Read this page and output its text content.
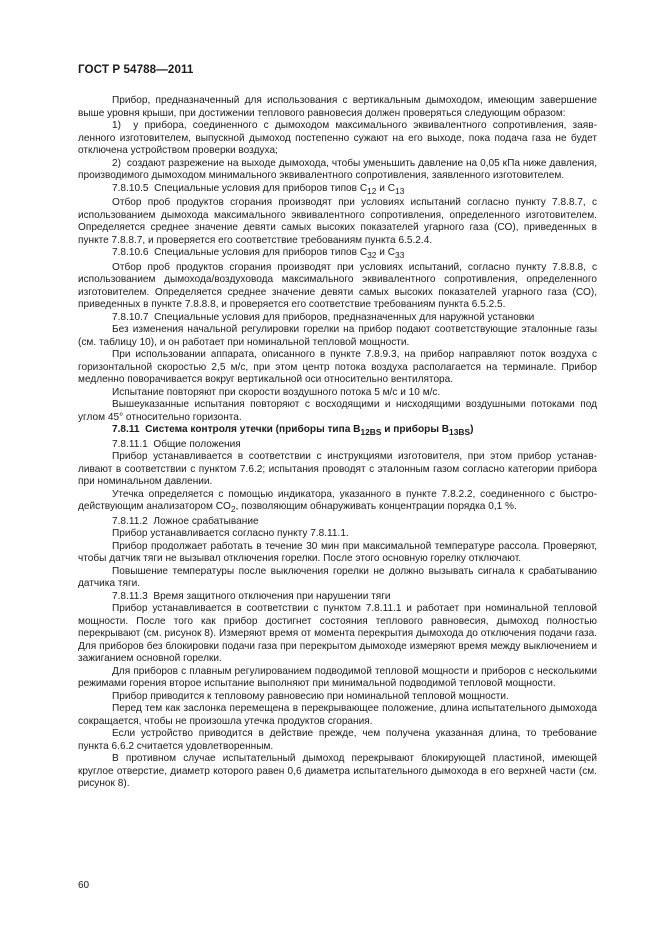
ГОСТ Р 54788—2011

Прибор, предназначенный для использования с вертикальным дымоходом, имеющим завершение выше уровня крыши, при достижении теплового равновесия должен проверяться следующим образом:

1)  у прибора, соединенного с дымоходом максимального эквивалентного сопротивления, заявленного изготовителем, выпускной дымоход постепенно сужают на его выходе, пока подача газа не будет отключена устройством проверки воздуха;

2)  создают разрежение на выходе дымохода, чтобы уменьшить давление на 0,05 кПа ниже давления, производимого дымоходом минимального эквивалентного сопротивления, заявленного изготовителем.

7.8.10.5  Специальные условия для приборов типов $C_{12}$ и $C_{13}$

Отбор проб продуктов сгорания производят при условиях испытаний согласно пункту 7.8.8.7, с использованием дымохода максимального эквивалентного сопротивления, определенного изготовителем. Определяется среднее значение девяти самых высоких показателей угарного газа (СО), приведенных в пункте 7.8.8.7, и проверяется его соответствие требованиям пункта 6.5.2.4.

7.8.10.6  Специальные условия для приборов типов $C_{32}$ и $C_{33}$

Отбор проб продуктов сгорания производят при условиях испытаний, согласно пункту 7.8.8.8, с использованием дымохода/воздуховода максимального эквивалентного сопротивления, определенного изготовителем. Определяется среднее значение девяти самых высоких показателей угарного газа (СО), приведенных в пункте 7.8.8.8, и проверяется его соответствие требованиям пункта 6.5.2.5.

7.8.10.7  Специальные условия для приборов, предназначенных для наружной установки

Без изменения начальной регулировки горелки на прибор подают соответствующие эталонные газы (см. таблицу 10), и он работает при номинальной тепловой мощности.

При использовании аппарата, описанного в пункте 7.8.9.3, на прибор направляют поток воздуха с горизонтальной скоростью 2,5 м/с, при этом центр потока воздуха располагается на терминале. Прибор медленно поворачивается вокруг вертикальной оси относительно вентилятора.

Испытание повторяют при скорости воздушного потока 5 м/с и 10 м/с.

Вышеуказанные испытания повторяют с восходящими и нисходящими воздушными потоками под углом 45° относительно горизонта.

7.8.11  Система контроля утечки (приборы типа $B_{12BS}$ и приборы $B_{13BS}$)

7.8.11.1  Общие положения

Прибор устанавливается в соответствии с инструкциями изготовителя, при этом прибор устанавливают в соответствии с пунктом 7.6.2; испытания проводят с эталонным газом согласно категории прибора при номинальном давлении.

Утечка определяется с помощью индикатора, указанного в пункте 7.8.2.2, соединенного с быстродействующим анализатором $CO_2$, позволяющим обнаруживать концентрации порядка 0,1 %.

7.8.11.2  Ложное срабатывание

Прибор устанавливается согласно пункту 7.8.11.1.

Прибор продолжает работать в течение 30 мин при максимальной температуре рассола. Проверяют, чтобы датчик тяги не вызывал отключения горелки. После этого основную горелку отключают.

Повышение температуры после выключения горелки не должно вызывать сигнала к срабатыванию датчика тяги.

7.8.11.3  Время защитного отключения при нарушении тяги

Прибор устанавливается в соответствии с пунктом 7.8.11.1 и работает при номинальной тепловой мощности. После того как прибор достигнет состояния теплового равновесия, дымоход полностью перекрывают (см. рисунок 8). Измеряют время от момента перекрытия дымохода до отключения подачи газа. Для приборов без блокировки подачи газа при перекрытом дымоходе измеряют время между выключением и зажиганием основной горелки.

Для приборов с плавным регулированием подводимой тепловой мощности и приборов с несколькими режимами горения второе испытание выполняют при минимальной подводимой тепловой мощности.

Прибор приводится к тепловому равновесию при номинальной тепловой мощности.

Перед тем как заслонка перемещена в перекрывающее положение, длина испытательного дымохода сокращается, чтобы не произошла утечка продуктов сгорания.

Если устройство приводится в действие прежде, чем получена указанная длина, то требование пункта 6.6.2 считается удовлетворенным.

В противном случае испытательный дымоход перекрывают блокирующей пластиной, имеющей круглое отверстие, диаметр которого равен 0,6 диаметра испытательного дымохода в его верхней части (см. рисунок 8).

60
